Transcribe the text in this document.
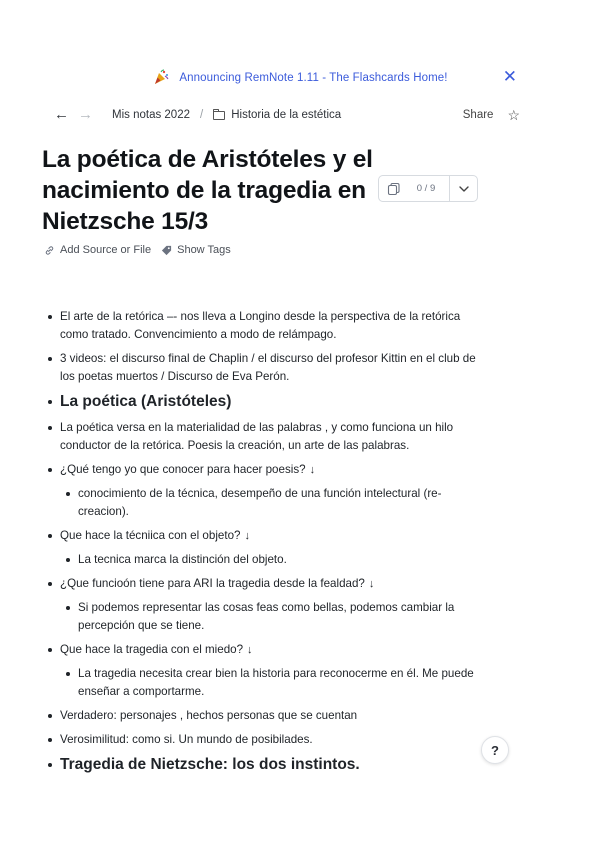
Announcing RemNote 1.11 - The Flashcards Home!	✕
← →	Mis notas 2022 / Historia de la estética	Share ☆
La poética de Aristóteles y el nacimiento de la tragedia en Nietzsche 15/3
0 / 9
Add Source or File Show Tags
El arte de la retórica –- nos lleva a Longino desde la perspectiva de la retórica como tratado. Convencimiento a modo de relámpago.
3 videos: el discurso final de Chaplin / el discurso del profesor Kittin en el club de los poetas muertos / Discurso de Eva Perón.
La poética (Aristóteles)
La poética versa en la materialidad de las palabras , y como funciona un hilo conductor de la retórica. Poesis la creación, un arte de las palabras.
¿Qué tengo yo que conocer para hacer poesis? ↓
conocimiento de la técnica, desempeño de una función intelectural (re-creacion).
Que hace la técniica con el objeto? ↓
La tecnica marca la distinción del objeto.
¿Que funcioón tiene para ARI la tragedia desde la fealdad? ↓
Si podemos representar las cosas feas como bellas, podemos cambiar la percepción que se tiene.
Que hace la tragedia con el miedo? ↓
La tragedia necesita crear bien la historia para reconocerme en él. Me puede enseñar a comportarme.
Verdadero: personajes , hechos personas que se cuentan
Verosimilitud: como si. Un mundo de posibilades.
Tragedia de Nietzsche: los dos instintos.
?
